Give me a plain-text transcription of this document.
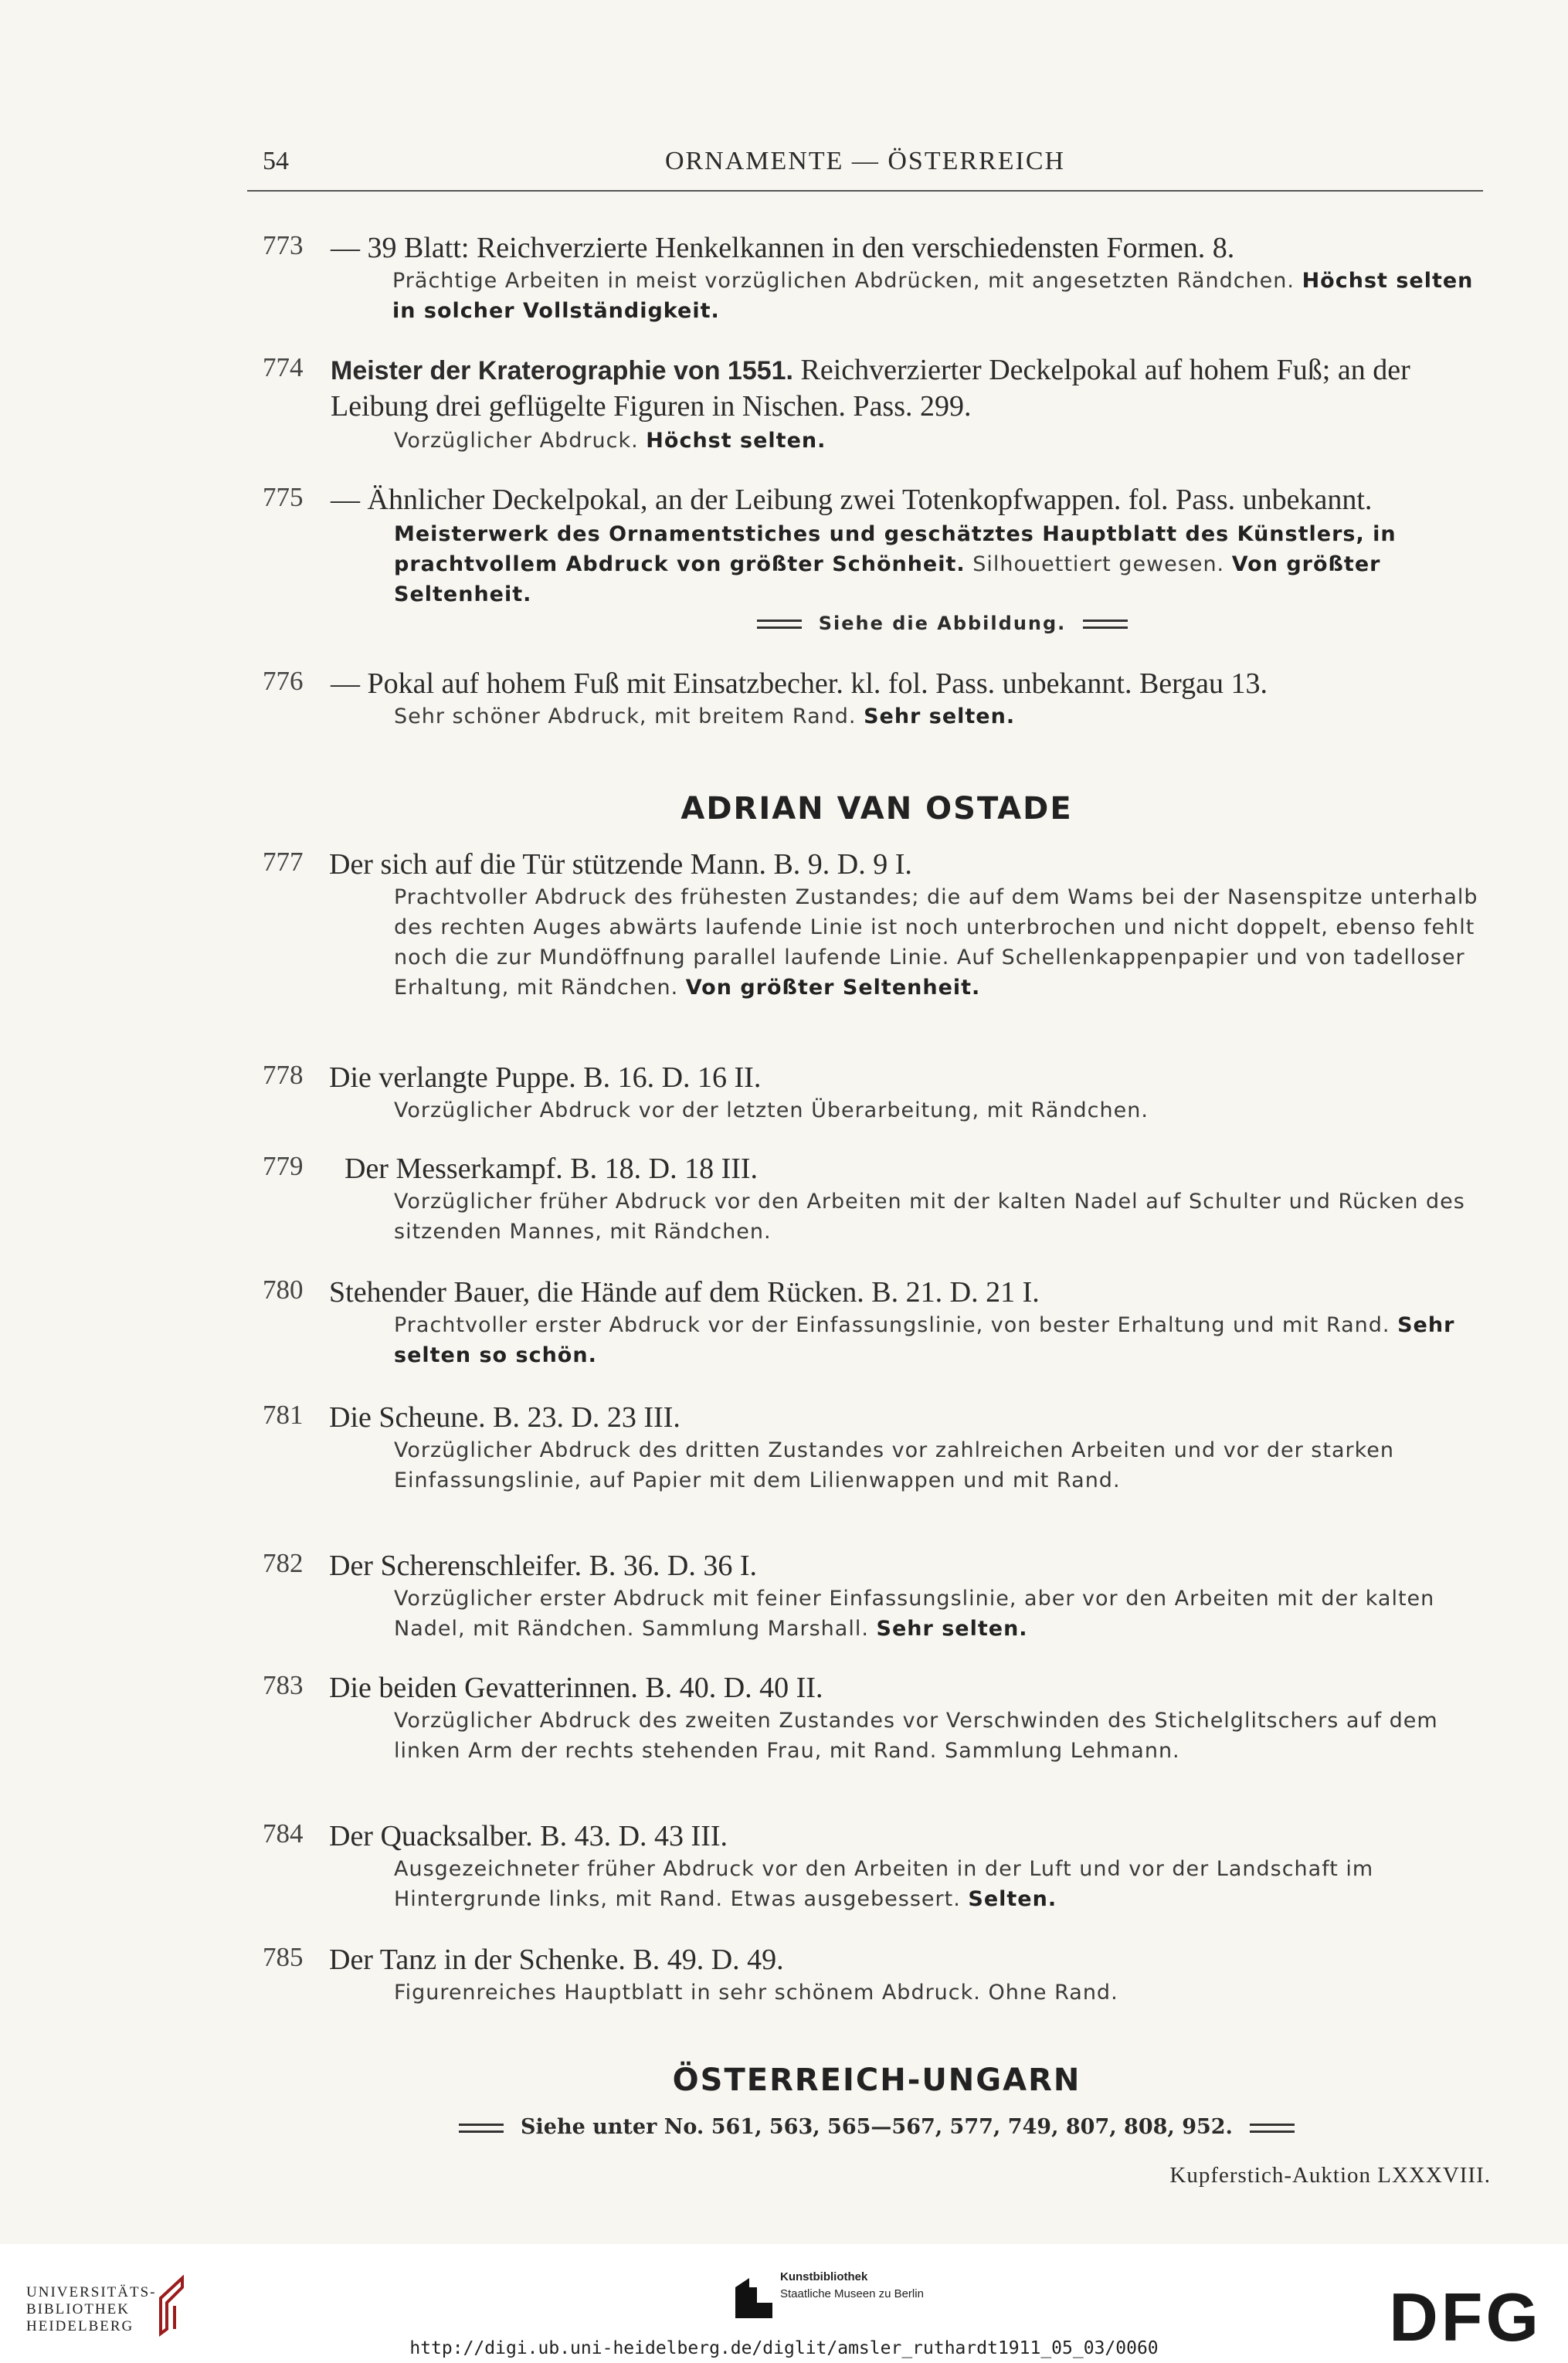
54	ORNAMENTE — ÖSTERREICH
773 — 39 Blatt: Reichverzierte Henkelkannen in den verschiedensten Formen. 8.
Prächtige Arbeiten in meist vorzüglichen Abdrücken, mit angesetzten Rändchen. Höchst selten in solcher Vollständigkeit.
774 Meister der Kraterographie von 1551. Reichverzierter Deckelpokal auf hohem Fuß; an der Leibung drei geflügelte Figuren in Nischen. Pass. 299.
Vorzüglicher Abdruck. Höchst selten.
775 — Ähnlicher Deckelpokal, an der Leibung zwei Totenkopfwappen. fol. Pass. unbekannt.
Meisterwerk des Ornamentstiches und geschätztes Hauptblatt des Künstlers, in prachtvollem Abdruck von größter Schönheit. Silhouettiert gewesen. Von größter Seltenheit.
Siehe die Abbildung.
776 — Pokal auf hohem Fuß mit Einsatzbecher. kl. fol. Pass. unbekannt. Bergau 13.
Sehr schöner Abdruck, mit breitem Rand. Sehr selten.
ADRIAN VAN OSTADE
777 Der sich auf die Tür stützende Mann. B. 9. D. 9 I.
Prachtvoller Abdruck des frühesten Zustandes; die auf dem Wams bei der Nasenspitze unterhalb des rechten Auges abwärts laufende Linie ist noch unterbrochen und nicht doppelt, ebenso fehlt noch die zur Mundöffnung parallel laufende Linie. Auf Schellenkappenpapier und von tadelloser Erhaltung, mit Rändchen. Von größter Seltenheit.
778 Die verlangte Puppe. B. 16. D. 16 II.
Vorzüglicher Abdruck vor der letzten Überarbeitung, mit Rändchen.
779 Der Messerkampf. B. 18. D. 18 III.
Vorzüglicher früher Abdruck vor den Arbeiten mit der kalten Nadel auf Schulter und Rücken des sitzenden Mannes, mit Rändchen.
780 Stehender Bauer, die Hände auf dem Rücken. B. 21. D. 21 I.
Prachtvoller erster Abdruck vor der Einfassungslinie, von bester Erhaltung und mit Rand. Sehr selten so schön.
781 Die Scheune. B. 23. D. 23 III.
Vorzüglicher Abdruck des dritten Zustandes vor zahlreichen Arbeiten und vor der starken Einfassungslinie, auf Papier mit dem Lilienwappen und mit Rand.
782 Der Scherenschleifer. B. 36. D. 36 I.
Vorzüglicher erster Abdruck mit feiner Einfassungslinie, aber vor den Arbeiten mit der kalten Nadel, mit Rändchen. Sammlung Marshall. Sehr selten.
783 Die beiden Gevatterinnen. B. 40. D. 40 II.
Vorzüglicher Abdruck des zweiten Zustandes vor Verschwinden des Stichelglitschers auf dem linken Arm der rechts stehenden Frau, mit Rand. Sammlung Lehmann.
784 Der Quacksalber. B. 43. D. 43 III.
Ausgezeichneter früher Abdruck vor den Arbeiten in der Luft und vor der Landschaft im Hintergrunde links, mit Rand. Etwas ausgebessert. Selten.
785 Der Tanz in der Schenke. B. 49. D. 49.
Figurenreiches Hauptblatt in sehr schönem Abdruck. Ohne Rand.
ÖSTERREICH-UNGARN
Siehe unter No. 561, 563, 565—567, 577, 749, 807, 808, 952.
Kupferstich-Auktion LXXXVIII.
UNIVERSITÄTS-
BIBLIOTHEK
HEIDELBERG
Kunstbibliothek
Staatliche Museen zu Berlin	DFG
http://digi.ub.uni-heidelberg.de/diglit/amsler_ruthardt1911_05_03/0060
